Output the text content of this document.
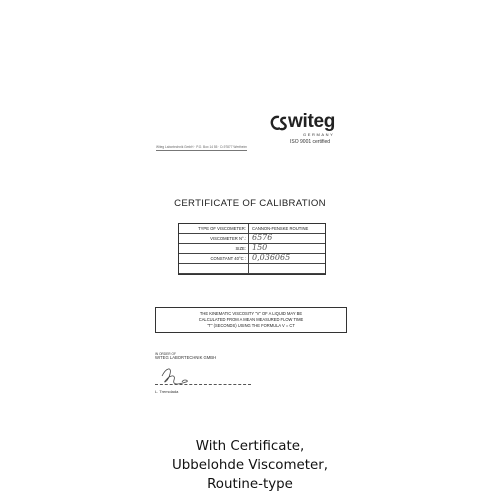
witeg
GERMANY
ISO 9001 certified
Witeg Labortechnik GmbH · P.O. Box 14 55 · D-97877 Wertheim
CERTIFICATE OF CALIBRATION
TYPE OF VISCOMETER:	CANNON-FENSKE ROUTINE
VISCOMETER N°.: 6576
SIZE: 150
CONSTANT 40°C : 0,036065
THE KINEMATIC VISCOSITY "V" OF A LIQUID MAY BE
CALCULATED FROM A MEAN MEASURED FLOW TIME
"T" (SECONDS) USING THE FORMULA V = CT
IN ORDER OF
WITEG LABORTECHNIK GMBH
L. Tremolada
With Certificate,
Ubbelohde Viscometer,
Routine-type
